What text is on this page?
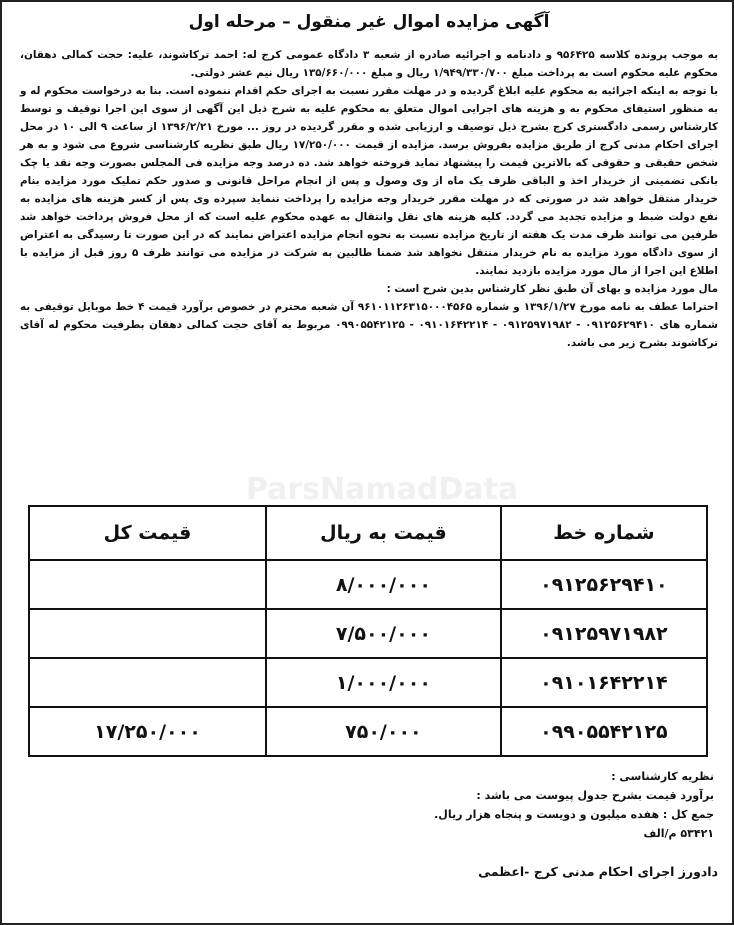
آگهی مزایده اموال غیر منقول – مرحله اول
ParsNamadData

به موجب پرونده کلاسه ۹۵۶۴۲۵ و دادنامه و اجرائیه صادره از شعبه ۳ دادگاه عمومی کرج له: احمد ترکاشوند، علیه: حجت کمالی دهقان، محکوم علیه محکوم است به پرداخت مبلغ ۱/۹۴۹/۳۳۰/۷۰۰ ریال و مبلغ ۱۳۵/۶۶۰/۰۰۰ ریال نیم عشر دولتی.

با توجه به اینکه اجرائیه به محکوم علیه ابلاغ گردیده و در مهلت مقرر نسبت به اجرای حکم اقدام ننموده است. بنا به درخواست محکوم له و به منظور استیفای محکوم به و هزینه های اجرایی اموال متعلق به محکوم علیه به شرح ذیل این آگهی از سوی این اجرا توقیف و توسط کارشناس رسمی دادگستری کرج بشرح ذیل توصیف و ارزیابی شده و مقرر گردیده در روز ... مورخ ۱۳۹۶/۲/۲۱ از ساعت ۹ الی ۱۰ در محل اجرای احکام مدنی کرج از طریق مزایده بفروش برسد. مزایده از قیمت ۱۷/۲۵۰/۰۰۰ ریال طبق نظریه کارشناسی شروع می شود و به هر شخص حقیقی و حقوقی که بالاترین قیمت را پیشنهاد نماید فروخته خواهد شد. ده درصد وجه مزایده فی المجلس بصورت وجه نقد یا چک بانکی تضمینی از خریدار اخذ و الباقی ظرف یک ماه از وی وصول و پس از انجام مراحل قانونی و صدور حکم تملیک مورد مزایده بنام خریدار منتقل خواهد شد در صورتی که در مهلت مقرر خریدار وجه مزایده را پرداخت ننماید سپرده وی پس از کسر هزینه های مزایده به نفع دولت ضبط و مزایده تجدید می گردد. کلیه هزینه های نقل وانتقال به عهده محکوم علیه است که از محل فروش پرداخت خواهد شد طرفین می توانند ظرف مدت یک هفته از تاریخ مزایده نسبت به نحوه انجام مزایده اعتراض نمایند که در این صورت تا رسیدگی به اعتراض از سوی دادگاه مورد مزایده به نام خریدار منتقل نخواهد شد ضمنا طالبین به شرکت در مزایده می توانند ظرف ۵ روز قبل از مزایده با اطلاع این اجرا از مال مورد مزایده بازدید نمایند.

مال مورد مزایده و بهای آن طبق نظر کارشناس بدین شرح است :

احتراما عطف به نامه مورخ ۱۳۹۶/۱/۲۷ و شماره ۹۶۱۰۱۱۲۶۳۱۵۰۰۰۴۵۶۵ آن شعبه محترم در خصوص برآورد قیمت ۴ خط موبایل توقیفی به شماره های ۰۹۱۲۵۶۲۹۴۱۰ - ۰۹۱۲۵۹۷۱۹۸۲ - ۰۹۱۰۱۶۴۲۲۱۴ - ۰۹۹۰۵۵۴۲۱۲۵ مربوط به آقای حجت کمالی دهقان بطرفیت محکوم له آقای ترکاشوند بشرح زیر می باشد.

شماره خط	قیمت به ریال	قیمت کل
۰۹۱۲۵۶۲۹۴۱۰	۸/۰۰۰/۰۰۰	
۰۹۱۲۵۹۷۱۹۸۲	۷/۵۰۰/۰۰۰	
۰۹۱۰۱۶۴۲۲۱۴	۱/۰۰۰/۰۰۰	
۰۹۹۰۵۵۴۲۱۲۵	۷۵۰/۰۰۰	۱۷/۲۵۰/۰۰۰

نظریه کارشناسی :

برآورد قیمت بشرح جدول پیوست می باشد :

جمع کل : هفده میلیون و دویست و پنجاه هزار ریال.

۵۳۴۲۱ م/الف

دادورز اجرای احکام مدنی کرج -اعظمی
